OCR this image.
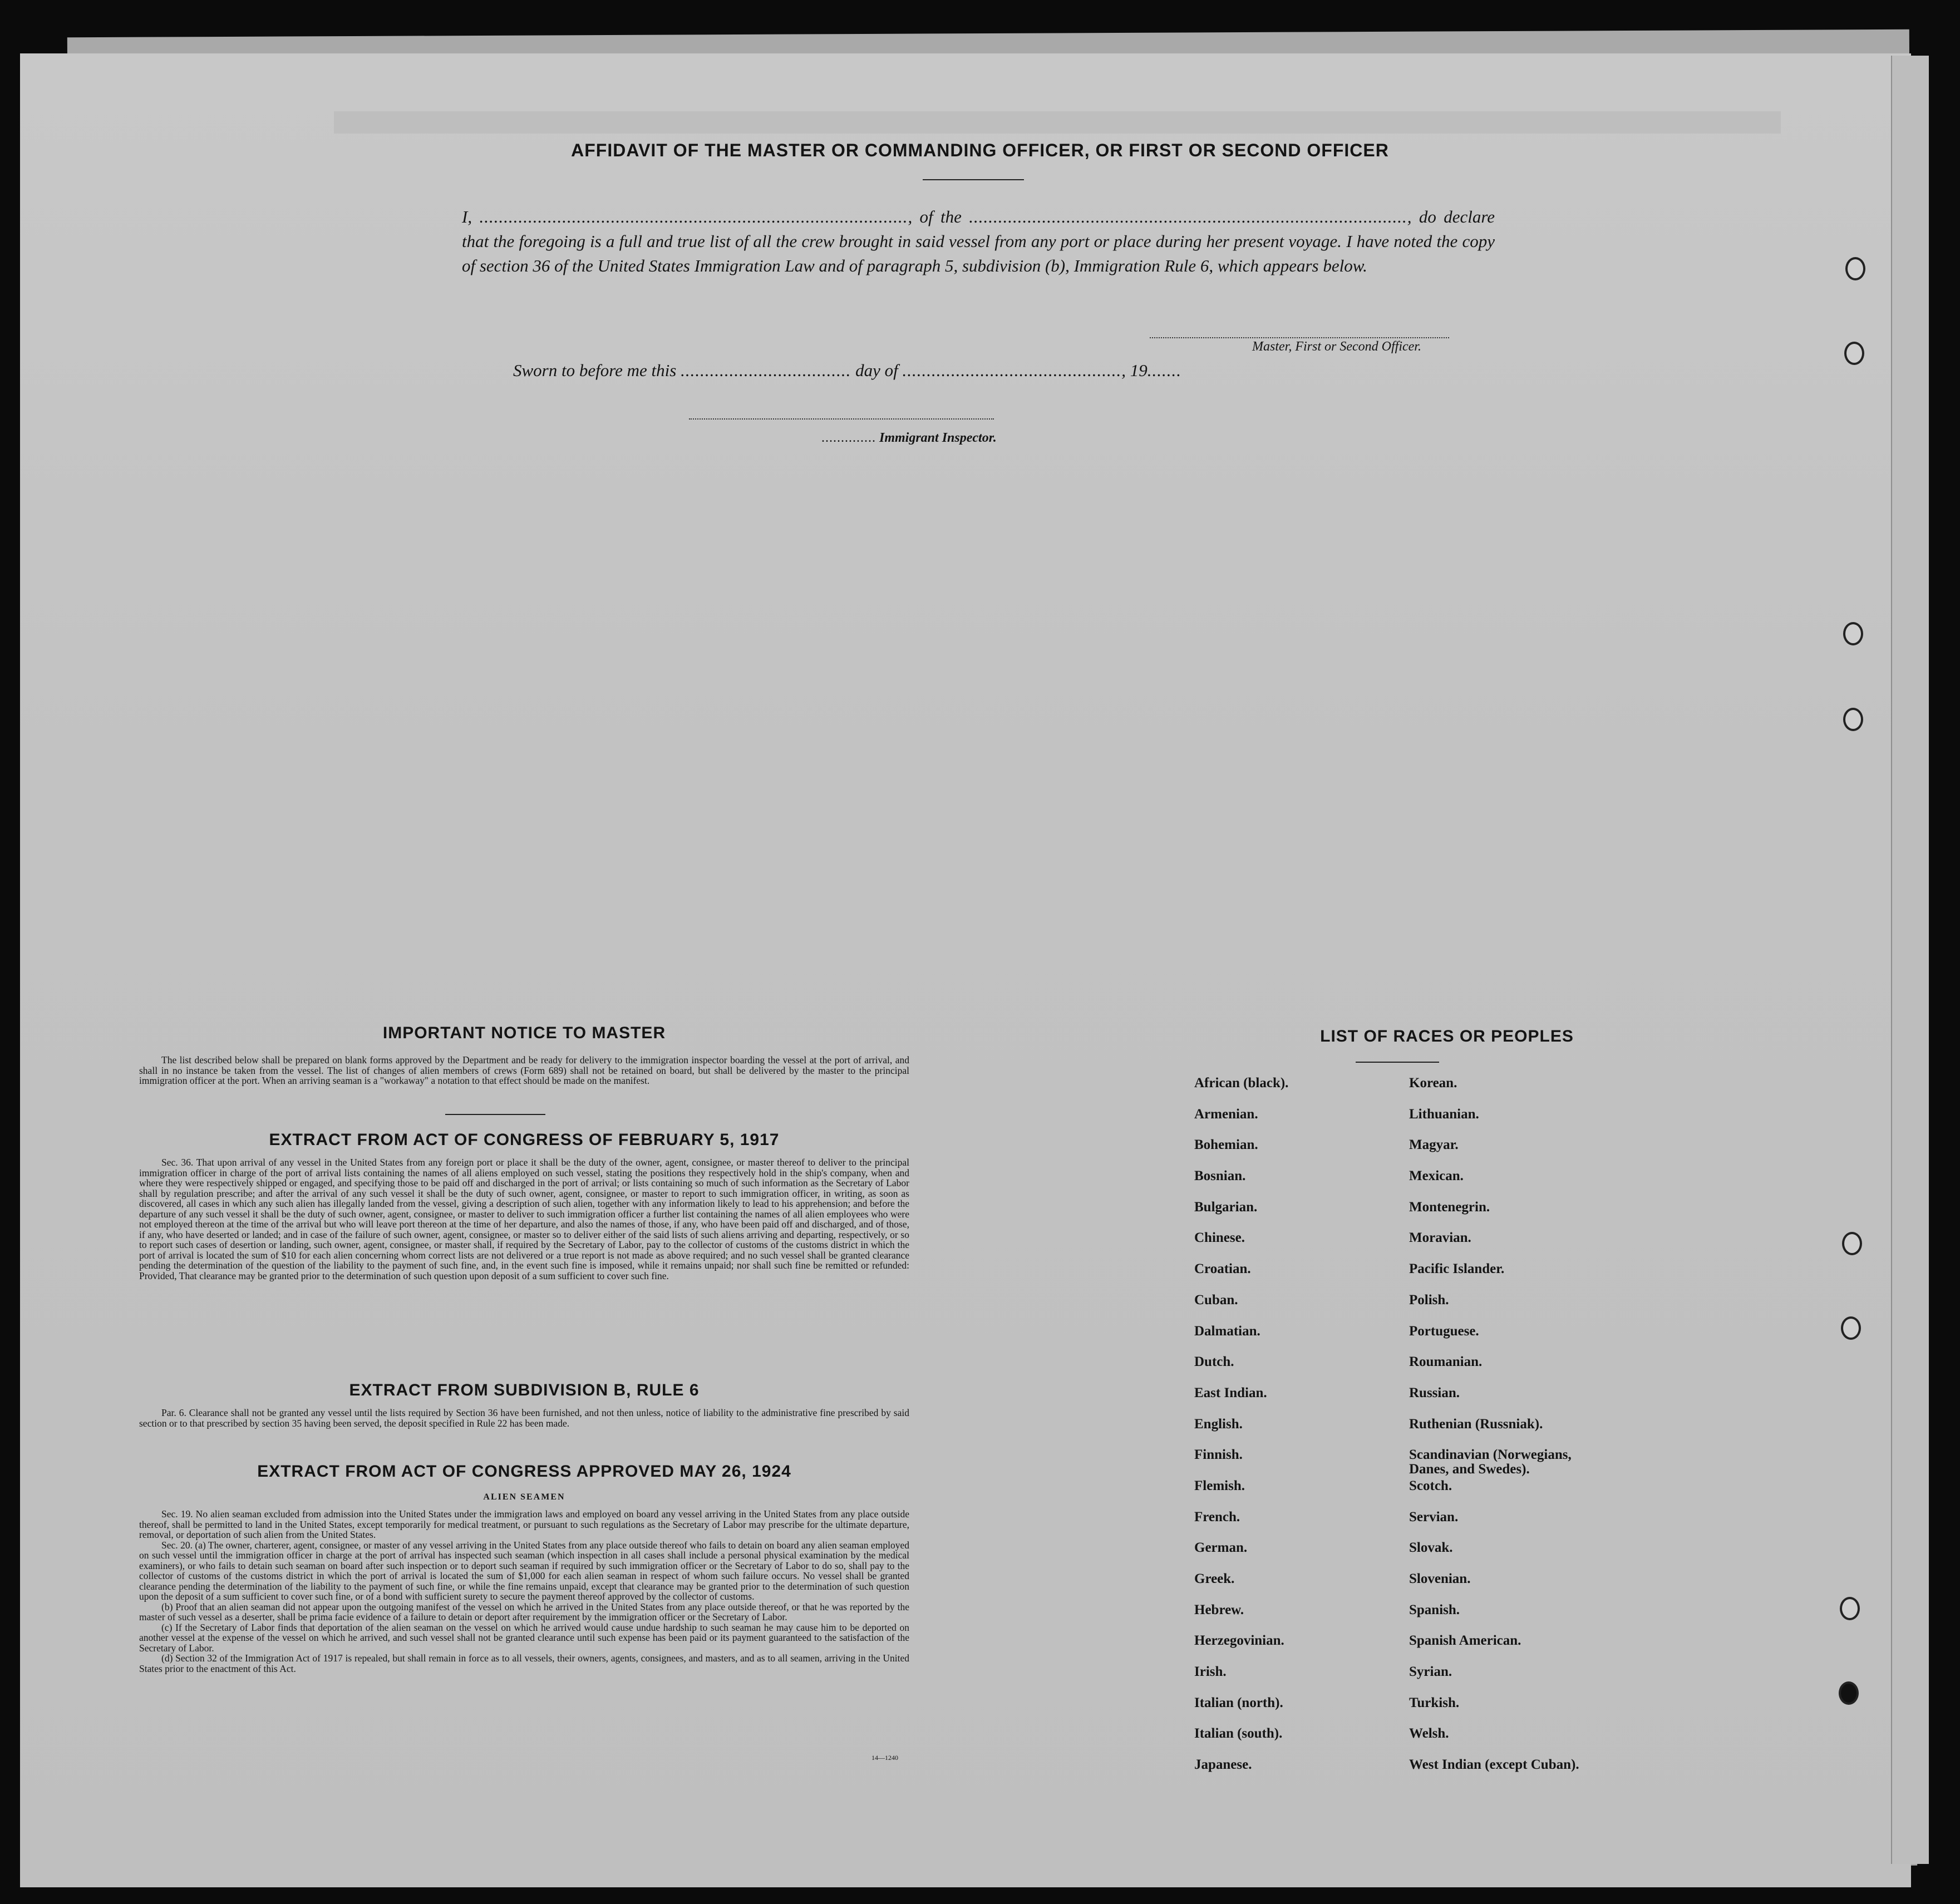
AFFIDAVIT OF THE MASTER OR COMMANDING OFFICER, OR FIRST OR SECOND OFFICER
I, ........................................................................................, of the .........................................................................................., do declare
that the foregoing is a full and true list of all the crew brought in said vessel from any port or place during her present voyage. I have noted the copy of section 36 of the United States Immigration Law and of paragraph 5, subdivision (b), Immigration Rule 6, which appears below.
Master, First or Second Officer.
Sworn to before me this ................................... day of ............................................., 19.......
.............. Immigrant Inspector.
IMPORTANT NOTICE TO MASTER

The list described below shall be prepared on blank forms approved by the Department and be ready for delivery to the immigration inspector boarding the vessel at the port of arrival, and shall in no instance be taken from the vessel. The list of changes of alien members of crews (Form 689) shall not be retained on board, but shall be delivered by the master to the principal immigration officer at the port. When an arriving seaman is a "workaway" a notation to that effect should be made on the manifest.

EXTRACT FROM ACT OF CONGRESS OF FEBRUARY 5, 1917

Sec. 36. That upon arrival of any vessel in the United States from any foreign port or place it shall be the duty of the owner, agent, consignee, or master thereof to deliver to the principal immigration officer in charge of the port of arrival lists containing the names of all aliens employed on such vessel, stating the positions they respectively hold in the ship's company, when and where they were respectively shipped or engaged, and specifying those to be paid off and discharged in the port of arrival; or lists containing so much of such information as the Secretary of Labor shall by regulation prescribe; and after the arrival of any such vessel it shall be the duty of such owner, agent, consignee, or master to report to such immigration officer, in writing, as soon as discovered, all cases in which any such alien has illegally landed from the vessel, giving a description of such alien, together with any information likely to lead to his apprehension; and before the departure of any such vessel it shall be the duty of such owner, agent, consignee, or master to deliver to such immigration officer a further list containing the names of all alien employees who were not employed thereon at the time of the arrival but who will leave port thereon at the time of her departure, and also the names of those, if any, who have been paid off and discharged, and of those, if any, who have deserted or landed; and in case of the failure of such owner, agent, consignee, or master so to deliver either of the said lists of such aliens arriving and departing, respectively, or so to report such cases of desertion or landing, such owner, agent, consignee, or master shall, if required by the Secretary of Labor, pay to the collector of customs of the customs district in which the port of arrival is located the sum of $10 for each alien concerning whom correct lists are not delivered or a true report is not made as above required; and no such vessel shall be granted clearance pending the determination of the question of the liability to the payment of such fine, and, in the event such fine is imposed, while it remains unpaid; nor shall such fine be remitted or refunded: Provided, That clearance may be granted prior to the determination of such question upon deposit of a sum sufficient to cover such fine.

EXTRACT FROM SUBDIVISION B, RULE 6

Par. 6. Clearance shall not be granted any vessel until the lists required by Section 36 have been furnished, and not then unless, notice of liability to the administrative fine prescribed by said section or to that prescribed by section 35 having been served, the deposit specified in Rule 22 has been made.

EXTRACT FROM ACT OF CONGRESS APPROVED MAY 26, 1924
ALIEN SEAMEN

Sec. 19. No alien seaman excluded from admission into the United States under the immigration laws and employed on board any vessel arriving in the United States from any place outside thereof, shall be permitted to land in the United States, except temporarily for medical treatment, or pursuant to such regulations as the Secretary of Labor may prescribe for the ultimate departure, removal, or deportation of such alien from the United States.

Sec. 20. (a) The owner, charterer, agent, consignee, or master of any vessel arriving in the United States from any place outside thereof who fails to detain on board any alien seaman employed on such vessel until the immigration officer in charge at the port of arrival has inspected such seaman (which inspection in all cases shall include a personal physical examination by the medical examiners), or who fails to detain such seaman on board after such inspection or to deport such seaman if required by such immigration officer or the Secretary of Labor to do so, shall pay to the collector of customs of the customs district in which the port of arrival is located the sum of $1,000 for each alien seaman in respect of whom such failure occurs. No vessel shall be granted clearance pending the determination of the liability to the payment of such fine, or while the fine remains unpaid, except that clearance may be granted prior to the determination of such question upon the deposit of a sum sufficient to cover such fine, or of a bond with sufficient surety to secure the payment thereof approved by the collector of customs.

(b) Proof that an alien seaman did not appear upon the outgoing manifest of the vessel on which he arrived in the United States from any place outside thereof, or that he was reported by the master of such vessel as a deserter, shall be prima facie evidence of a failure to detain or deport after requirement by the immigration officer or the Secretary of Labor.

(c) If the Secretary of Labor finds that deportation of the alien seaman on the vessel on which he arrived would cause undue hardship to such seaman he may cause him to be deported on another vessel at the expense of the vessel on which he arrived, and such vessel shall not be granted clearance until such expense has been paid or its payment guaranteed to the satisfaction of the Secretary of Labor.

(d) Section 32 of the Immigration Act of 1917 is repealed, but shall remain in force as to all vessels, their owners, agents, consignees, and masters, and as to all seamen, arriving in the United States prior to the enactment of this Act.

14—1240
LIST OF RACES OR PEOPLES
African (black).
Armenian.
Bohemian.
Bosnian.
Bulgarian.
Chinese.
Croatian.
Cuban.
Dalmatian.
Dutch.
East Indian.
English.
Finnish.
Flemish.
French.
German.
Greek.
Hebrew.
Herzegovinian.
Irish.
Italian (north).
Italian (south).
Japanese.
Korean.
Lithuanian.
Magyar.
Mexican.
Montenegrin.
Moravian.
Pacific Islander.
Polish.
Portuguese.
Roumanian.
Russian.
Ruthenian (Russniak).
Scandinavian (Norwegians, Danes, and Swedes).
Scotch.
Servian.
Slovak.
Slovenian.
Spanish.
Spanish American.
Syrian.
Turkish.
Welsh.
West Indian (except Cuban).
